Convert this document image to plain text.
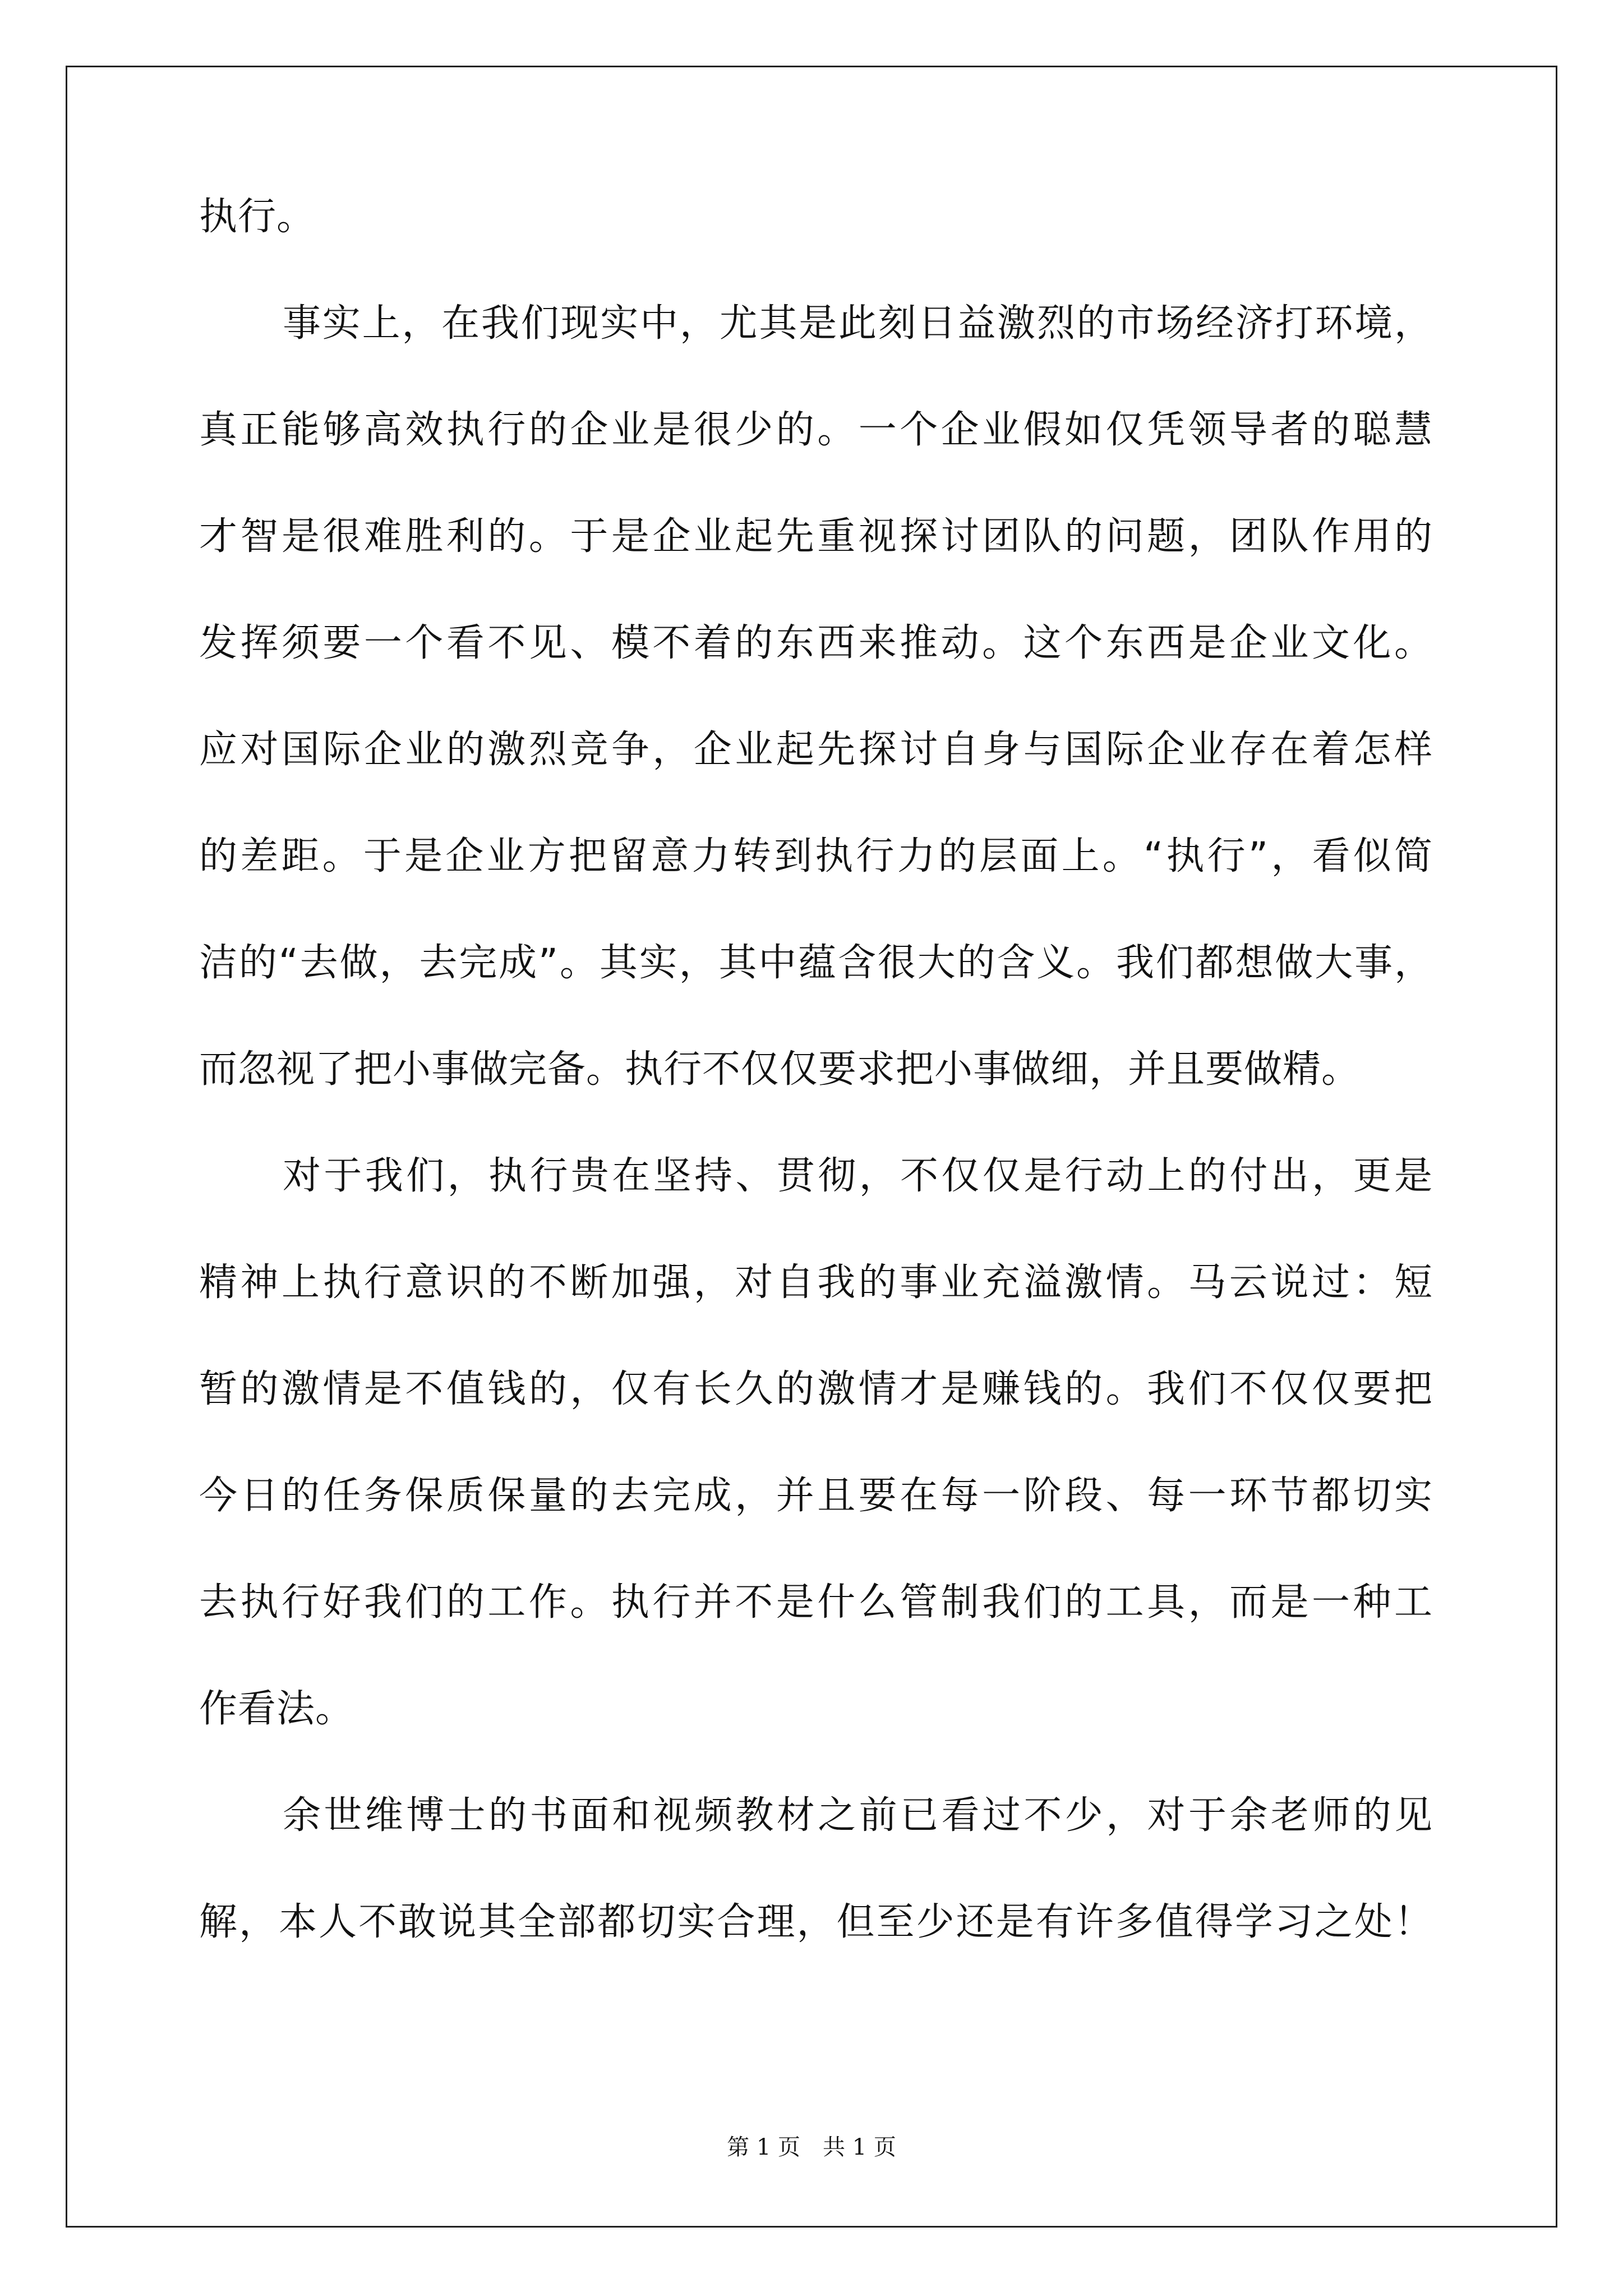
执行。
事实上，在我们现实中，尤其是此刻日益激烈的市场经济打环境，
真正能够高效执行的企业是很少的。一个企业假如仅凭领导者的聪慧
才智是很难胜利的。于是企业起先重视探讨团队的问题，团队作用的
发挥须要一个看不见、模不着的东西来推动。这个东西是企业文化。
应对国际企业的激烈竞争，企业起先探讨自身与国际企业存在着怎样
的差距。于是企业方把留意力转到执行力的层面上。“执行”，看似简
洁的“去做，去完成”。其实，其中蕴含很大的含义。我们都想做大事，
而忽视了把小事做完备。执行不仅仅要求把小事做细，并且要做精。
对于我们，执行贵在坚持、贯彻，不仅仅是行动上的付出，更是
精神上执行意识的不断加强，对自我的事业充溢激情。马云说过：短
暂的激情是不值钱的，仅有长久的激情才是赚钱的。我们不仅仅要把
今日的任务保质保量的去完成，并且要在每一阶段、每一环节都切实
去执行好我们的工作。执行并不是什么管制我们的工具，而是一种工
作看法。
余世维博士的书面和视频教材之前已看过不少，对于余老师的见
解，本人不敢说其全部都切实合理，但至少还是有许多值得学习之处！
第 1 页 共 1 页
